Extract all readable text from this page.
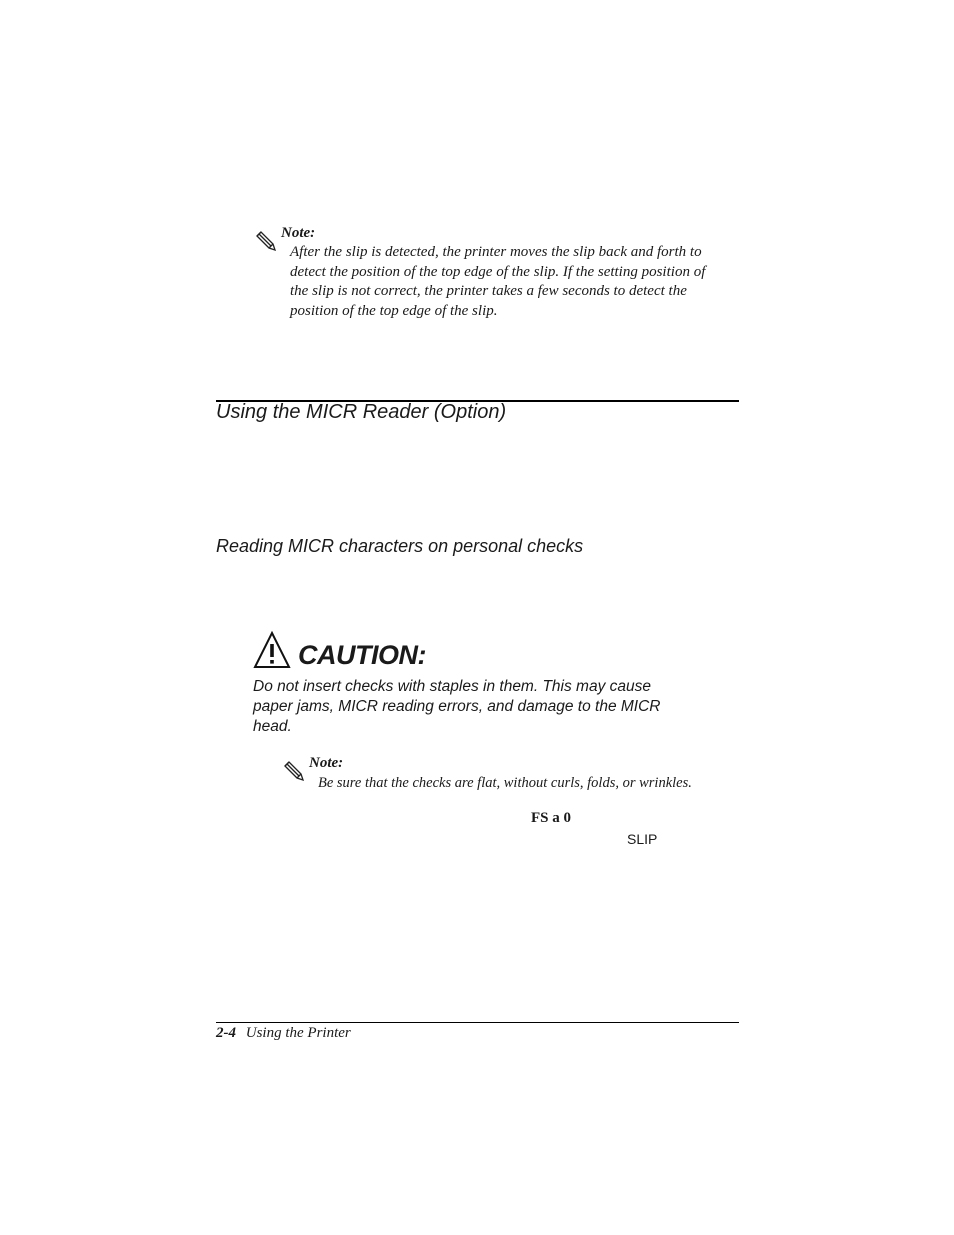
Note:
After the slip is detected, the printer moves the slip back and forth to
detect the position of the top edge of the slip. If the setting position of
the slip is not correct, the printer takes a few seconds to detect the
position of the top edge of the slip.
Using the MICR Reader (Option)
Reading MICR characters on personal checks
CAUTION:
Do not insert checks with staples in them. This may cause
paper jams, MICR reading errors, and damage to the MICR
head.
Note:
Be sure that the checks are flat, without curls, folds, or wrinkles.
FS a 0
SLIP
2-4 Using the Printer
